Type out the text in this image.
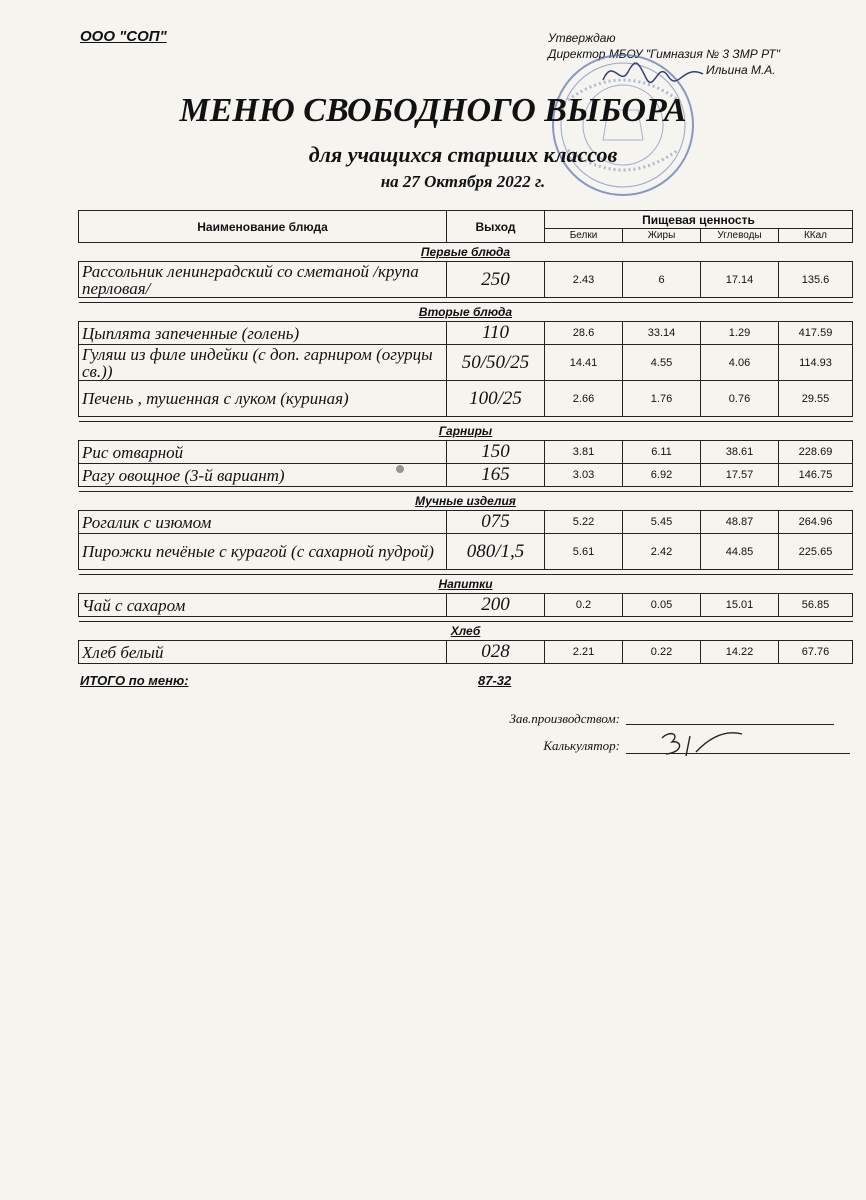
ООО "СОП"	Утверждаю
Директор МБОУ "Гимназия № 3 ЗМР РТ"
Ильина М.А.
МЕНЮ СВОБОДНОГО ВЫБОРА
для учащихся старших классов
на 27 Октября 2022 г.
Наименование блюда	Выход	Пищевая ценность			
		Белки	Жиры	Углеводы	ККал
Первые блюда					
Рассольник ленинградский со сметаной /крупа перловая/	250	2.43	6	17.14	135.6

Вторые блюда					
Цыплята запеченные (голень)	110	28.6	33.14	1.29	417.59
Гуляш из филе индейки (с доп. гарниром (огурцы св.))	50/50/25	14.41	4.55	4.06	114.93
Печень , тушенная с луком (куриная)	100/25	2.66	1.76	0.76	29.55

Гарниры					
Рис отварной	150	3.81	6.11	38.61	228.69
Рагу овощное (3-й вариант)	165	3.03	6.92	17.57	146.75

Мучные изделия					
Рогалик с изюмом	075	5.22	5.45	48.87	264.96
Пирожки печёные с курагой (с сахарной пудрой)	080/1,5	5.61	2.42	44.85	225.65

Напитки					
Чай с сахаром	200	0.2	0.05	15.01	56.85

Хлеб					
Хлеб белый	028	2.21	0.22	14.22	67.76
ИТОГО по меню:	87-32
Зав.производством:
Калькулятор:
